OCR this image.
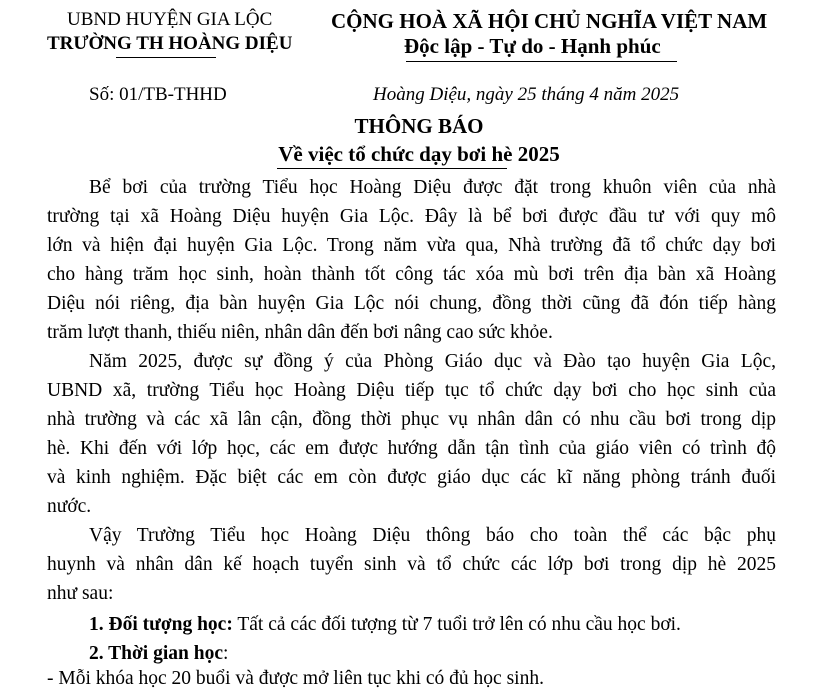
UBND HUYỆN GIA LỘC
TRƯỜNG TH HOÀNG DIỆU
CỘNG HOÀ XÃ HỘI CHỦ NGHĨA VIỆT NAM
Độc lập - Tự do - Hạnh phúc
Số: 01/TB-THHD	Hoàng Diệu, ngày 25 tháng 4 năm 2025
THÔNG BÁO
Về việc tổ chức dạy bơi hè 2025
Bể bơi của trường Tiểu học Hoàng Diệu được đặt trong khuôn viên của nhà
trường tại xã Hoàng Diệu huyện Gia Lộc. Đây là bể bơi được đầu tư với quy mô
lớn và hiện đại huyện Gia Lộc. Trong năm vừa qua, Nhà trường đã tổ chức dạy bơi
cho hàng trăm học sinh, hoàn thành tốt công tác xóa mù bơi trên địa bàn xã Hoàng
Diệu nói riêng, địa bàn huyện Gia Lộc nói chung, đồng thời cũng đã đón tiếp hàng
trăm lượt thanh, thiếu niên, nhân dân đến bơi nâng cao sức khỏe.
Năm 2025, được sự đồng ý của Phòng Giáo dục và Đào tạo huyện Gia Lộc,
UBND xã, trường Tiểu học Hoàng Diệu tiếp tục tổ chức dạy bơi cho học sinh của
nhà trường và các xã lân cận, đồng thời phục vụ nhân dân có nhu cầu bơi trong dịp
hè. Khi đến với lớp học, các em được hướng dẫn tận tình của giáo viên có trình độ
và kinh nghiệm. Đặc biệt các em còn được giáo dục các kĩ năng phòng tránh đuối
nước.
Vậy Trường Tiểu học Hoàng Diệu thông báo cho toàn thể các bậc phụ
huynh và nhân dân kế hoạch tuyển sinh và tổ chức các lớp bơi trong dịp hè 2025
như sau:
1. Đối tượng học: Tất cả các đối tượng từ 7 tuổi trở lên có nhu cầu học bơi.
2. Thời gian học:
- Mỗi khóa học 20 buổi và được mở liên tục khi có đủ học sinh.
